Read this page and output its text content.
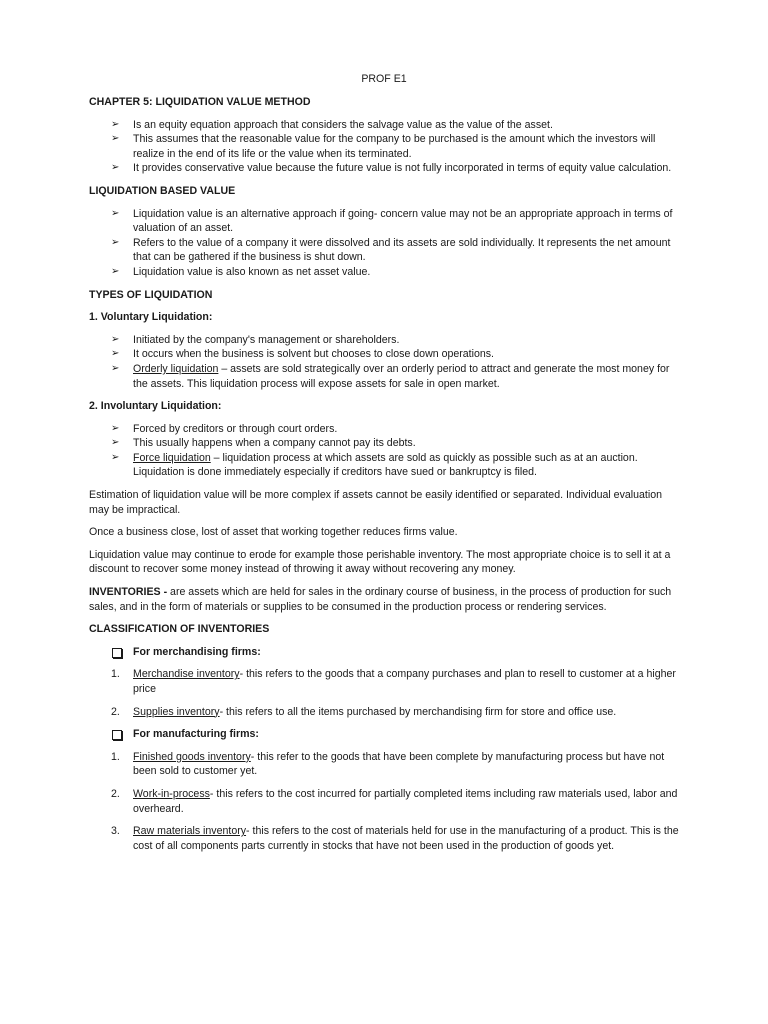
PROF E1
CHAPTER 5: LIQUIDATION VALUE METHOD
➢ Is an equity equation approach that considers the salvage value as the value of the asset.
➢ This assumes that the reasonable value for the company to be purchased is the amount which the investors will realize in the end of its life or the value when its terminated.
➢ It provides conservative value because the future value is not fully incorporated in terms of equity value calculation.
LIQUIDATION BASED VALUE
➢ Liquidation value is an alternative approach if going- concern value may not be an appropriate approach in terms of valuation of an asset.
➢ Refers to the value of a company it were dissolved and its assets are sold individually. It represents the net amount that can be gathered if the business is shut down.
➢ Liquidation value is also known as net asset value.
TYPES OF LIQUIDATION
1. Voluntary Liquidation:
➢ Initiated by the company's management or shareholders.
➢ It occurs when the business is solvent but chooses to close down operations.
➢ Orderly liquidation – assets are sold strategically over an orderly period to attract and generate the most money for the assets. This liquidation process will expose assets for sale in open market.
2. Involuntary Liquidation:
➢ Forced by creditors or through court orders.
➢ This usually happens when a company cannot pay its debts.
➢ Force liquidation – liquidation process at which assets are sold as quickly as possible such as at an auction. Liquidation is done immediately especially if creditors have sued or bankruptcy is filed.

Estimation of liquidation value will be more complex if assets cannot be easily identified or separated. Individual evaluation may be impractical.

Once a business close, lost of asset that working together reduces firms value.

Liquidation value may continue to erode for example those perishable inventory. The most appropriate choice is to sell it at a discount to recover some money instead of throwing it away without recovering any money.

INVENTORIES - are assets which are held for sales in the ordinary course of business, in the process of production for such sales, and in the form of materials or supplies to be consumed in the production process or rendering services.

CLASSIFICATION OF INVENTORIES
For merchandising firms:
1. Merchandise inventory- this refers to the goods that a company purchases and plan to resell to customer at a higher price
2. Supplies inventory- this refers to all the items purchased by merchandising firm for store and office use.
For manufacturing firms:
1. Finished goods inventory- this refer to the goods that have been complete by manufacturing process but have not been sold to customer yet.
2. Work-in-process- this refers to the cost incurred for partially completed items including raw materials used, labor and overheard.
3. Raw materials inventory- this refers to the cost of materials held for use in the manufacturing of a product. This is the cost of all components parts currently in stocks that have not been used in the production of goods yet.
